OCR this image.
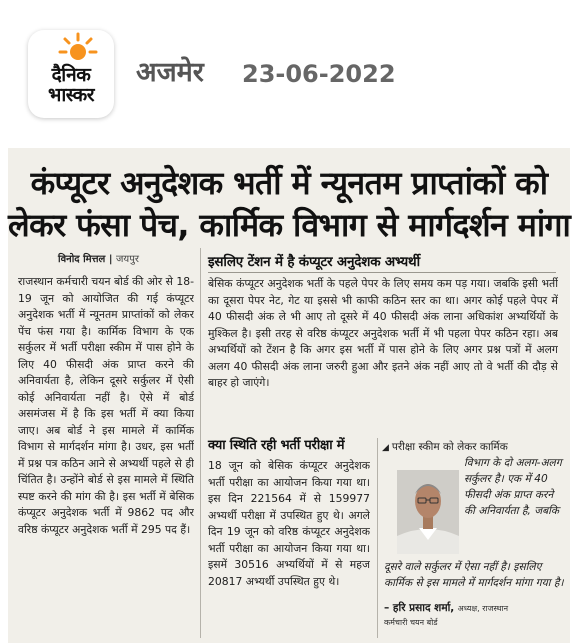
दैनिक
भास्कर
अजमेर 23-06-2022
कंप्यूटर अनुदेशक भर्ती में न्यूनतम प्राप्तांकों को
लेकर फंसा पेच, कार्मिक विभाग से मार्गदर्शन मांगा
विनोद मित्तल | जयपुर
राजस्थान कर्मचारी चयन बोर्ड की ओर से 18-19 जून को आयोजित की गई कंप्यूटर अनुदेशक भर्ती में न्यूनतम प्राप्तांकों को लेकर पेंच फंस गया है। कार्मिक विभाग के एक सर्कुलर में भर्ती परीक्षा स्कीम में पास होने के लिए 40 फीसदी अंक प्राप्त करने की अनिवार्यता है, लेकिन दूसरे सर्कुलर में ऐसी कोई अनिवार्यता नहीं है। ऐसे में बोर्ड असमंजस में है कि इस भर्ती में क्या किया जाए। अब बोर्ड ने इस मामले में कार्मिक विभाग से मार्गदर्शन मांगा है। उधर, इस भर्ती में प्रश्न पत्र कठिन आने से अभ्यर्थी पहले से ही चिंतित है। उन्होंने बोर्ड से इस मामले में स्थिति स्पष्ट करने की मांग की है। इस भर्ती में बेसिक कंप्यूटर अनुदेशक भर्ती में 9862 पद और वरिष्ठ कंप्यूटर अनुदेशक भर्ती में 295 पद हैं।
इसलिए टेंशन में है कंप्यूटर अनुदेशक अभ्यर्थी
बेसिक कंप्यूटर अनुदेशक भर्ती के पहले पेपर के लिए समय कम पड़ गया। जबकि इसी भर्ती का दूसरा पेपर नेट, गेट या इससे भी काफी कठिन स्तर का था। अगर कोई पहले पेपर में 40 फीसदी अंक ले भी आए तो दूसरे में 40 फीसदी अंक लाना अधिकांश अभ्यर्थियों के मुश्किल है। इसी तरह से वरिष्ठ कंप्यूटर अनुदेशक भर्ती में भी पहला पेपर कठिन रहा। अब अभ्यर्थियों को टेंशन है कि अगर इस भर्ती में पास होने के लिए अगर प्रश्न पत्रों में अलग अलग 40 फीसदी अंक लाना जरुरी हुआ और इतने अंक नहीं आए तो वे भर्ती की दौड़ से बाहर हो जाएंगे।
क्या स्थिति रही भर्ती परीक्षा में
18 जून को बेसिक कंप्यूटर अनुदेशक भर्ती परीक्षा का आयोजन किया गया था। इस दिन 221564 में से 159977 अभ्यर्थी परीक्षा में उपस्थित हुए थे। अगले दिन 19 जून को वरिष्ठ कंप्यूटर अनुदेशक भर्ती परीक्षा का आयोजन किया गया था। इसमें 30516 अभ्यर्थियों में से महज 20817 अभ्यर्थी उपस्थित हुए थे।
◢ परीक्षा स्कीम को लेकर कार्मिक
विभाग के दो अलग-अलग सर्कुलर है। एक में 40 फीसदी अंक प्राप्त करने की अनिवार्यता है, जबकि
दूसरे वाले सर्कुलर में ऐसा नहीं है। इसलिए कार्मिक से इस मामले में मार्गदर्शन मांगा गया है।
– हरि प्रसाद शर्मा, अध्यक्ष, राजस्थान
कर्मचारी चयन बोर्ड
